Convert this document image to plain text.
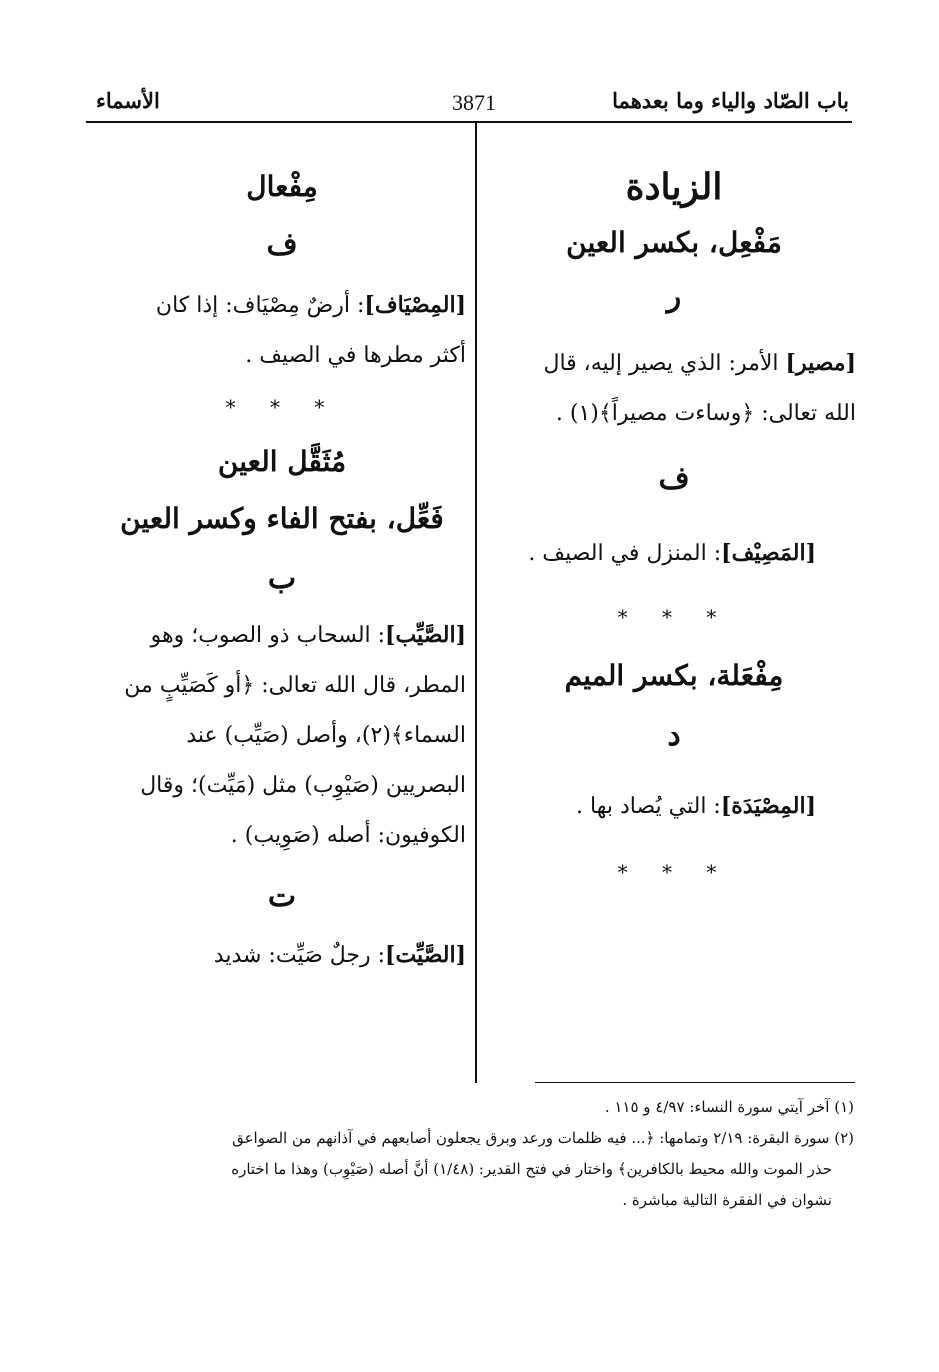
باب الصّاد والياء وما بعدهما
3871
الأسماء
الزيادة
مَفْعِل، بكسر العين
ر
[مصير] الأمر: الذي يصير إليه، قال
الله تعالى: ﴿وساءت مصيراً﴾(١) .
ف
[المَصِيْف]: المنزل في الصيف .
* * *
مِفْعَلة، بكسر الميم
د
[المِصْيَدَة]: التي يُصاد بها .
* * *
مِفْعال
ف
[المِصْيَاف]: أرضٌ مِصْيَاف: إذا كان
أكثر مطرها في الصيف .
* * *
مُثَقَّل العين
فَعِّل، بفتح الفاء وكسر العين
ب
[الصَّيِّب]: السحاب ذو الصوب؛ وهو
المطر، قال الله تعالى: ﴿أو كَصَيِّبٍ من
السماء﴾(٢)، وأصل (صَيِّب) عند
البصريين (صَيْوِب) مثل (مَيِّت)؛ وقال
الكوفيون: أصله (صَوِيب) .
ت
[الصَّيِّت]: رجلٌ صَيِّت: شديد

(١) آخر آيتي سورة النساء: ٤/٩٧ و ١١٥ .

(٢) سورة البقرة: ٢/١٩ وتمامها: ﴿... فيه ظلمات ورعد وبرق يجعلون أصابعهم في آذانهم من الصواعق

حذر الموت والله محيط بالكافرين﴾ واختار في فتح القدير: (١/٤٨) أنَّ أصله (صَيْوِب) وهذا ما اختاره

نشوان في الفقرة التالية مباشرة .
